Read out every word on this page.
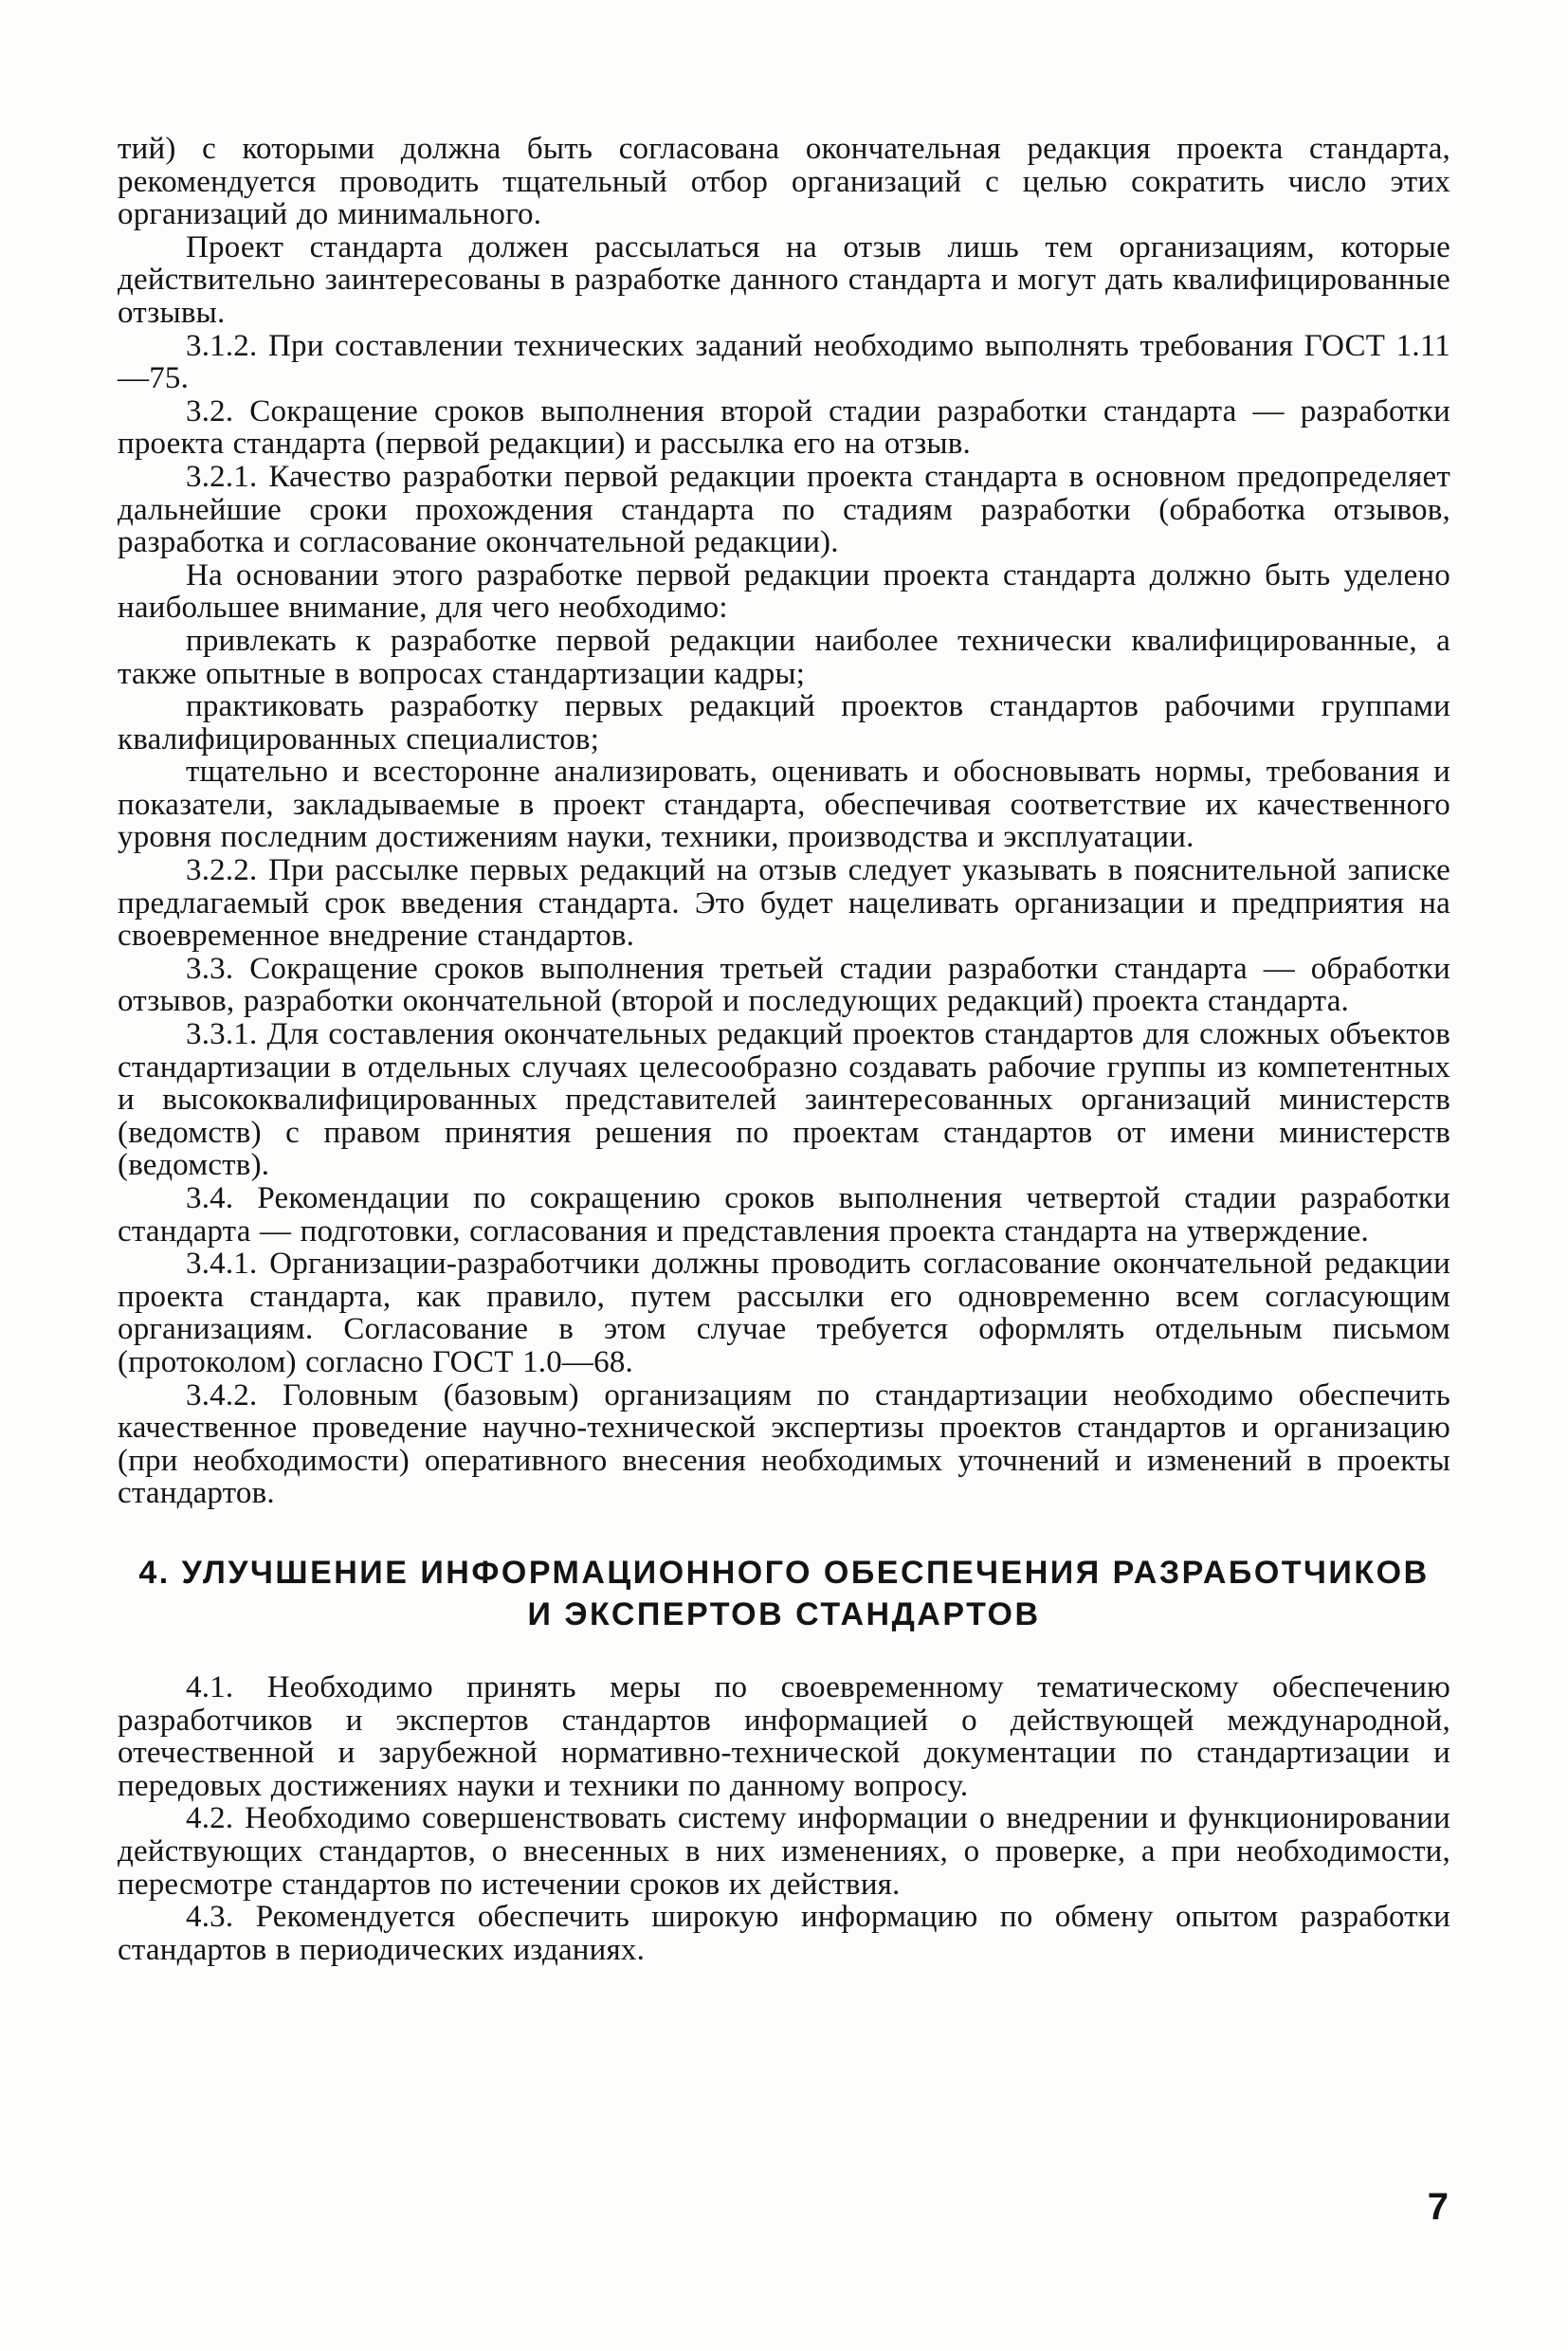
тий) с которыми должна быть согласована окончательная редакция проекта стандарта, рекомендуется проводить тщательный отбор организаций с целью сократить число этих организаций до минимального.

Проект стандарта должен рассылаться на отзыв лишь тем организациям, которые действительно заинтересованы в разработке данного стандарта и могут дать квалифицированные отзывы.

3.1.2. При составлении технических заданий необходимо выполнять требования ГОСТ 1.11—75.

3.2. Сокращение сроков выполнения второй стадии разработки стандарта — разработки проекта стандарта (первой редакции) и рассылка его на отзыв.

3.2.1. Качество разработки первой редакции проекта стандарта в основном предопределяет дальнейшие сроки прохождения стандарта по стадиям разработки (обработка отзывов, разработка и согласование окончательной редакции).

На основании этого разработке первой редакции проекта стандарта должно быть уделено наибольшее внимание, для чего необходимо:

привлекать к разработке первой редакции наиболее технически квалифицированные, а также опытные в вопросах стандартизации кадры;

практиковать разработку первых редакций проектов стандартов рабочими группами квалифицированных специалистов;

тщательно и всесторонне анализировать, оценивать и обосновывать нормы, требования и показатели, закладываемые в проект стандарта, обеспечивая соответствие их качественного уровня последним достижениям науки, техники, производства и эксплуатации.

3.2.2. При рассылке первых редакций на отзыв следует указывать в пояснительной записке предлагаемый срок введения стандарта. Это будет нацеливать организации и предприятия на своевременное внедрение стандартов.

3.3. Сокращение сроков выполнения третьей стадии разработки стандарта — обработки отзывов, разработки окончательной (второй и последующих редакций) проекта стандарта.

3.3.1. Для составления окончательных редакций проектов стандартов для сложных объектов стандартизации в отдельных случаях целесообразно создавать рабочие группы из компетентных и высококвалифицированных представителей заинтересованных организаций министерств (ведомств) с правом принятия решения по проектам стандартов от имени министерств (ведомств).

3.4. Рекомендации по сокращению сроков выполнения четвертой стадии разработки стандарта — подготовки, согласования и представления проекта стандарта на утверждение.

3.4.1. Организации-разработчики должны проводить согласование окончательной редакции проекта стандарта, как правило, путем рассылки его одновременно всем согласующим организациям. Согласование в этом случае требуется оформлять отдельным письмом (протоколом) согласно ГОСТ 1.0—68.

3.4.2. Головным (базовым) организациям по стандартизации необходимо обеспечить качественное проведение научно-технической экспертизы проектов стандартов и организацию (при необходимости) оперативного внесения необходимых уточнений и изменений в проекты стандартов.

4. УЛУЧШЕНИЕ ИНФОРМАЦИОННОГО ОБЕСПЕЧЕНИЯ РАЗРАБОТЧИКОВ
И ЭКСПЕРТОВ СТАНДАРТОВ

4.1. Необходимо принять меры по своевременному тематическому обеспечению разработчиков и экспертов стандартов информацией о действующей международной, отечественной и зарубежной нормативно-технической документации по стандартизации и передовых достижениях науки и техники по данному вопросу.

4.2. Необходимо совершенствовать систему информации о внедрении и функционировании действующих стандартов, о внесенных в них изменениях, о проверке, а при необходимости, пересмотре стандартов по истечении сроков их действия.

4.3. Рекомендуется обеспечить широкую информацию по обмену опытом разработки стандартов в периодических изданиях.

7
